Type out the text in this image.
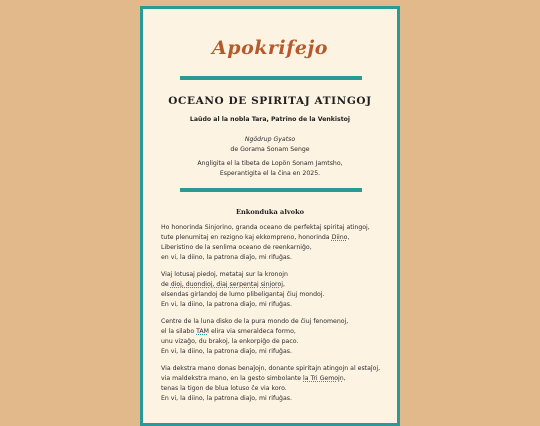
Apokrifejo
OCEANO DE SPIRITAJ ATINGOJ
Laŭdo al la nobla Tara, Patrino de la Venkistoj
Ngödrup Gyatso
de Gorama Sonam Senge
Angligita el la tibeta de Lopön Sonam Jamtsho,
Esperantigita el la ĉina en 2025.
Enkonduka alvoko
Ho honorinda Sinjorino, granda oceano de perfektaj spiritaj atingoj,
tute plenumitaj en rezigno kaj ekkompreno, honorinda Diino,
Liberistino de la senlima oceano de reenkarniĝo,
en vi, la diino, la patrona diaĵo, mi rifuĝas.
Viaj lotusaj piedoj, metataj sur la kronojn
de dioj, duondioj, diaj serpentaj sinjoroj,
elsendas girlandoj de lumo plibeligantaj ĉiuj mondoj.
En vi, la diino, la patrona diaĵo, mi rifuĝas.
Centre de la luna disko de la pura mondo de ĉiuj fenomenoj,
el la silabo TAM elira via smeraldeca formo,
unu vizaĝo, du brakoj, la enkorpiĝo de paco.
En vi, la diino, la patrona diaĵo, mi rifuĝas.
Via dekstra mano donas benaĵojn, donante spiritajn atingojn al estaĵoj,
via maldekstra mano, en la gesto simbolante la Tri Gemojn,
tenas la tigon de blua lotuso ĉe via koro.
En vi, la diino, la patrona diaĵo, mi rifuĝas.
